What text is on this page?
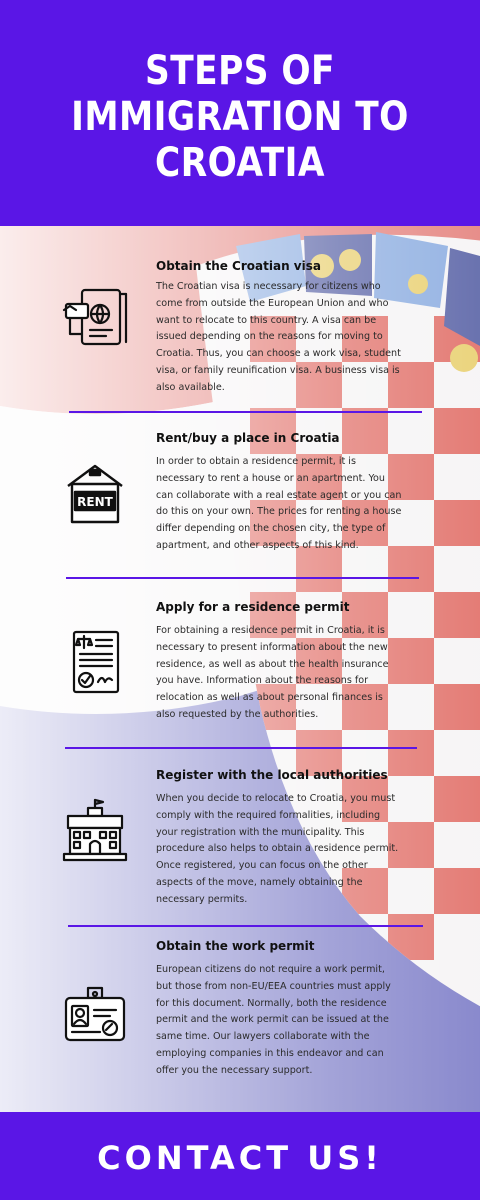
STEPS OF IMMIGRATION TO CROATIA
Obtain the Croatian visa

The Croatian visa is necessary for citizens who come from outside the European Union and who want to relocate to this country. A visa can be issued depending on the reasons for moving to Croatia. Thus, you can choose a work visa, student visa, or family reunification visa. A business visa is also available.

RENT
Rent/buy a place in Croatia

In order to obtain a residence permit, it is necessary to rent a house or an apartment. You can collaborate with a real estate agent or you can do this on your own. The prices for renting a house differ depending on the chosen city, the type of apartment, and other aspects of this kind.

Apply for a residence permit

For obtaining a residence permit in Croatia, it is necessary to present information about the new residence, as well as about the health insurance you have. Information about the reasons for relocation as well as about personal finances is also requested by the authorities.

Register with the local authorities

When you decide to relocate to Croatia, you must comply with the required formalities, including your registration with the municipality. This procedure also helps to obtain a residence permit. Once registered, you can focus on the other aspects of the move, namely obtaining the necessary permits.

Obtain the work permit

European citizens do not require a work permit, but those from non-EU/EEA countries must apply for this document. Normally, both the residence permit and the work permit can be issued at the same time. Our lawyers collaborate with the employing companies in this endeavor and can offer you the necessary support.

CONTACT US!
